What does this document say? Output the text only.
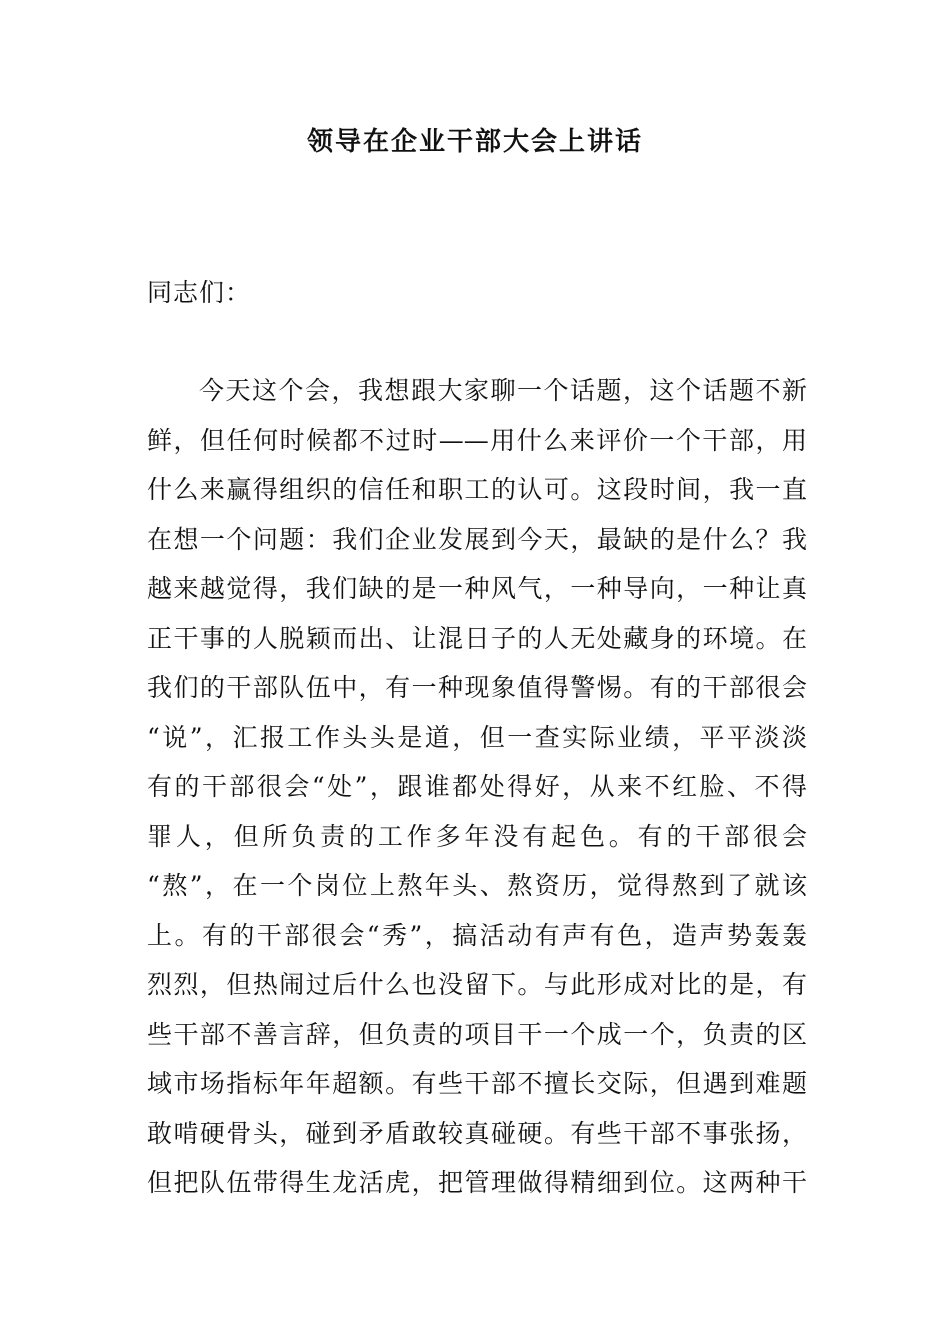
领导在企业干部大会上讲话
同志们：
今天这个会，我想跟大家聊一个话题，这个话题不新
鲜，但任何时候都不过时——用什么来评价一个干部，用
什么来赢得组织的信任和职工的认可。这段时间，我一直
在想一个问题：我们企业发展到今天，最缺的是什么？我
越来越觉得，我们缺的是一种风气，一种导向，一种让真
正干事的人脱颖而出、让混日子的人无处藏身的环境。在
我们的干部队伍中，有一种现象值得警惕。有的干部很会
“说”，汇报工作头头是道，但一查实际业绩，平平淡淡
有的干部很会“处”，跟谁都处得好，从来不红脸、不得
罪人，但所负责的工作多年没有起色。有的干部很会
“熬”，在一个岗位上熬年头、熬资历，觉得熬到了就该
上。有的干部很会“秀”，搞活动有声有色，造声势轰轰
烈烈，但热闹过后什么也没留下。与此形成对比的是，有
些干部不善言辞，但负责的项目干一个成一个，负责的区
域市场指标年年超额。有些干部不擅长交际，但遇到难题
敢啃硬骨头，碰到矛盾敢较真碰硬。有些干部不事张扬，
但把队伍带得生龙活虎，把管理做得精细到位。这两种干
